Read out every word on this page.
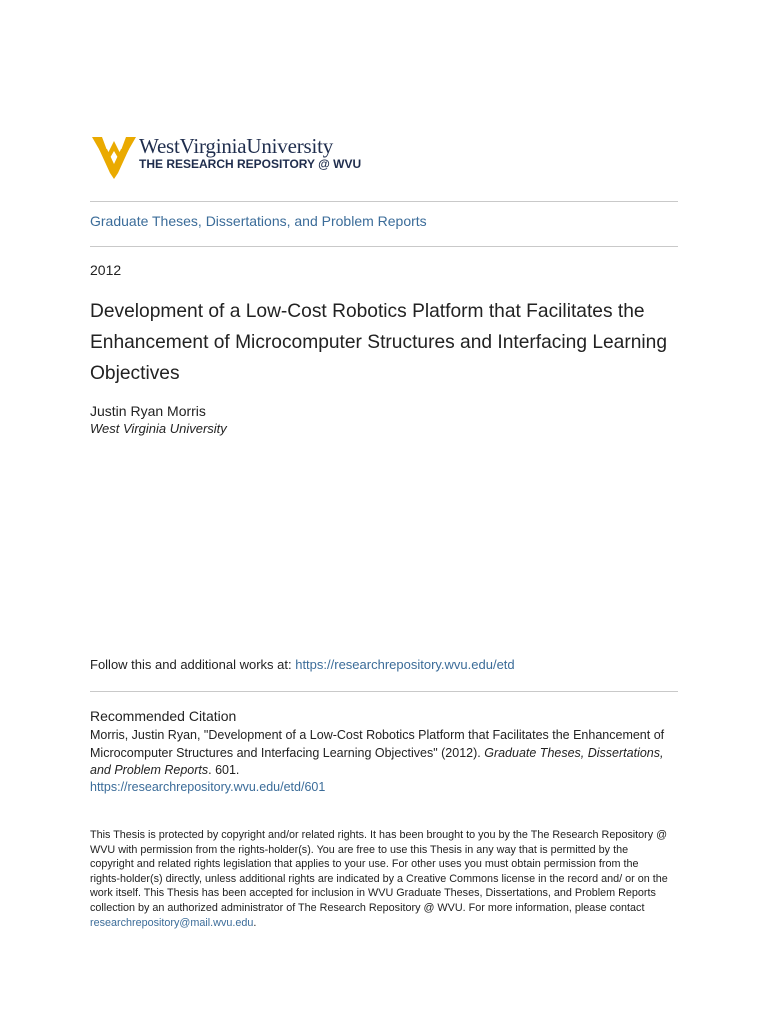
WestVirginiaUniversity
THE RESEARCH REPOSITORY @ WVU
Graduate Theses, Dissertations, and Problem Reports
2012
Development of a Low-Cost Robotics Platform that Facilitates the Enhancement of Microcomputer Structures and Interfacing Learning Objectives
Justin Ryan Morris
West Virginia University
Follow this and additional works at: https://researchrepository.wvu.edu/etd
Recommended Citation
Morris, Justin Ryan, "Development of a Low-Cost Robotics Platform that Facilitates the Enhancement of Microcomputer Structures and Interfacing Learning Objectives" (2012). Graduate Theses, Dissertations, and Problem Reports. 601.
https://researchrepository.wvu.edu/etd/601
This Thesis is protected by copyright and/or related rights. It has been brought to you by the The Research Repository @ WVU with permission from the rights-holder(s). You are free to use this Thesis in any way that is permitted by the copyright and related rights legislation that applies to your use. For other uses you must obtain permission from the rights-holder(s) directly, unless additional rights are indicated by a Creative Commons license in the record and/ or on the work itself. This Thesis has been accepted for inclusion in WVU Graduate Theses, Dissertations, and Problem Reports collection by an authorized administrator of The Research Repository @ WVU. For more information, please contact researchrepository@mail.wvu.edu.
